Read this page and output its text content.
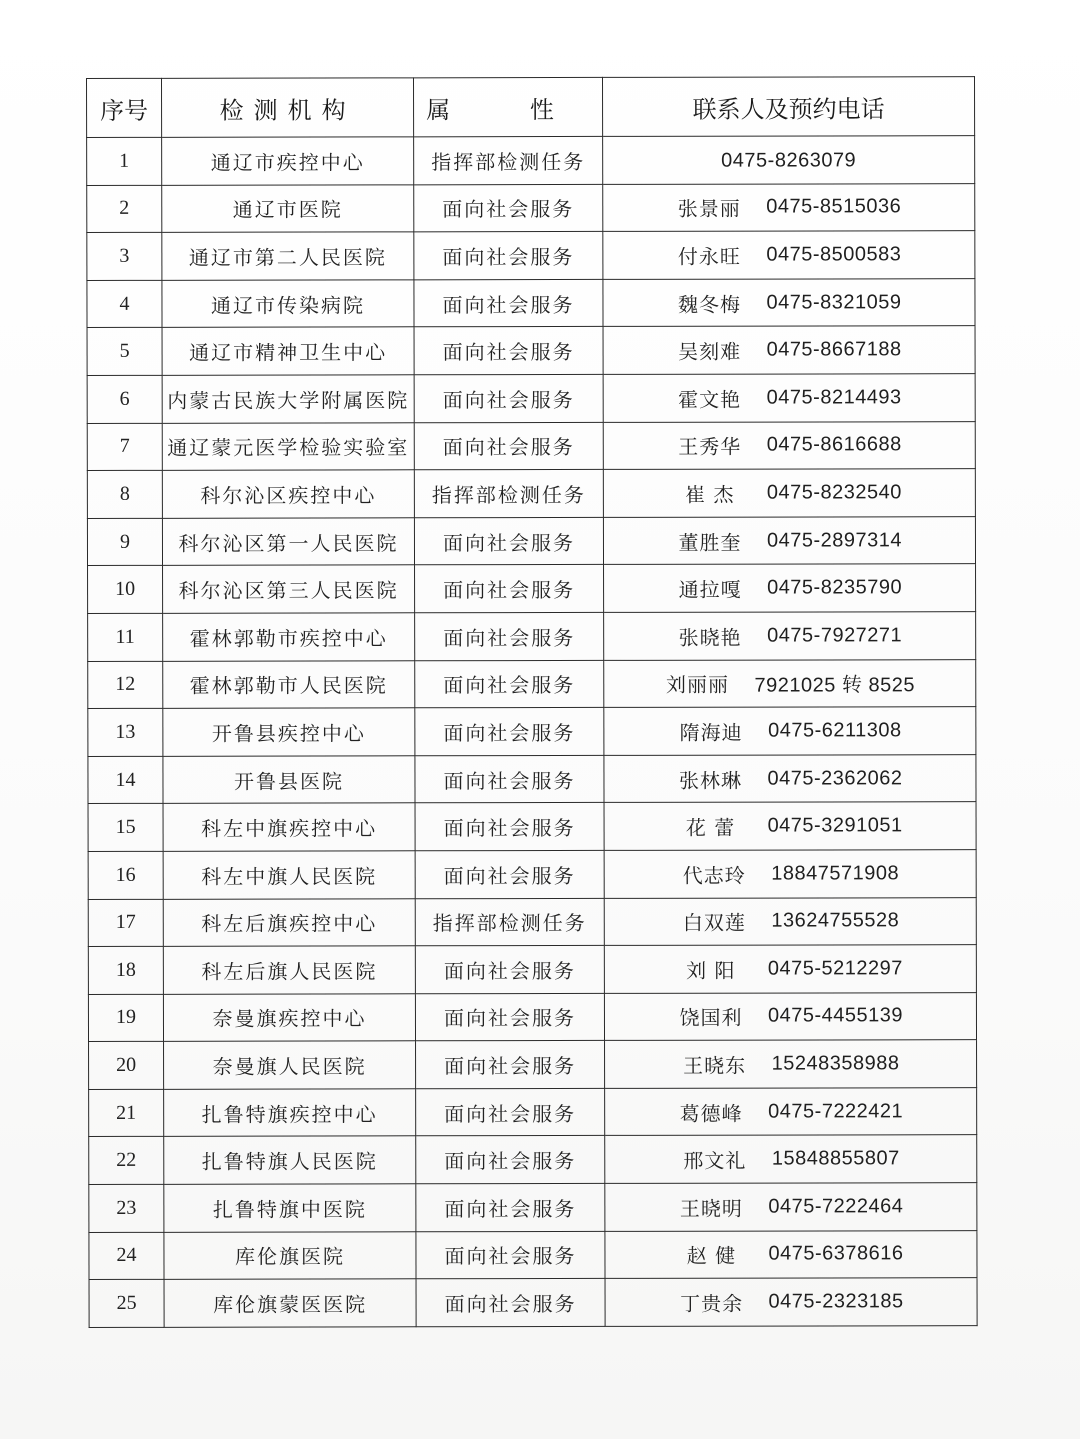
序号	检测机构	属 性	联系人及预约电话
1	通辽市疾控中心	指挥部检测任务	0475-8263079

2	通辽市医院	面向社会服务	张景丽 0475-8515036

3	通辽市第二人民医院	面向社会服务	付永旺 0475-8500583

4	通辽市传染病院	面向社会服务	魏冬梅 0475-8321059

5	通辽市精神卫生中心	面向社会服务	吴刻难 0475-8667188

6	内蒙古民族大学附属医院	面向社会服务	霍文艳 0475-8214493

7	通辽蒙元医学检验实验室	面向社会服务	王秀华 0475-8616688

8	科尔沁区疾控中心	指挥部检测任务	崔 杰 0475-8232540

9	科尔沁区第一人民医院	面向社会服务	董胜奎 0475-2897314

10	科尔沁区第三人民医院	面向社会服务	通拉嘎 0475-8235790

11	霍林郭勒市疾控中心	面向社会服务	张晓艳 0475-7927271

12	霍林郭勒市人民医院	面向社会服务	刘丽丽 7921025 转 8525

13	开鲁县疾控中心	面向社会服务	隋海迪 0475-6211308

14	开鲁县医院	面向社会服务	张林琳 0475-2362062

15	科左中旗疾控中心	面向社会服务	花 蕾 0475-3291051

16	科左中旗人民医院	面向社会服务	代志玲 18847571908

17	科左后旗疾控中心	指挥部检测任务	白双莲 13624755528

18	科左后旗人民医院	面向社会服务	刘 阳 0475-5212297

19	奈曼旗疾控中心	面向社会服务	饶国利 0475-4455139

20	奈曼旗人民医院	面向社会服务	王晓东 15248358988

21	扎鲁特旗疾控中心	面向社会服务	葛德峰 0475-7222421

22	扎鲁特旗人民医院	面向社会服务	邢文礼 15848855807

23	扎鲁特旗中医院	面向社会服务	王晓明 0475-7222464

24	库伦旗医院	面向社会服务	赵 健 0475-6378616

25	库伦旗蒙医医院	面向社会服务	丁贵余 0475-2323185
